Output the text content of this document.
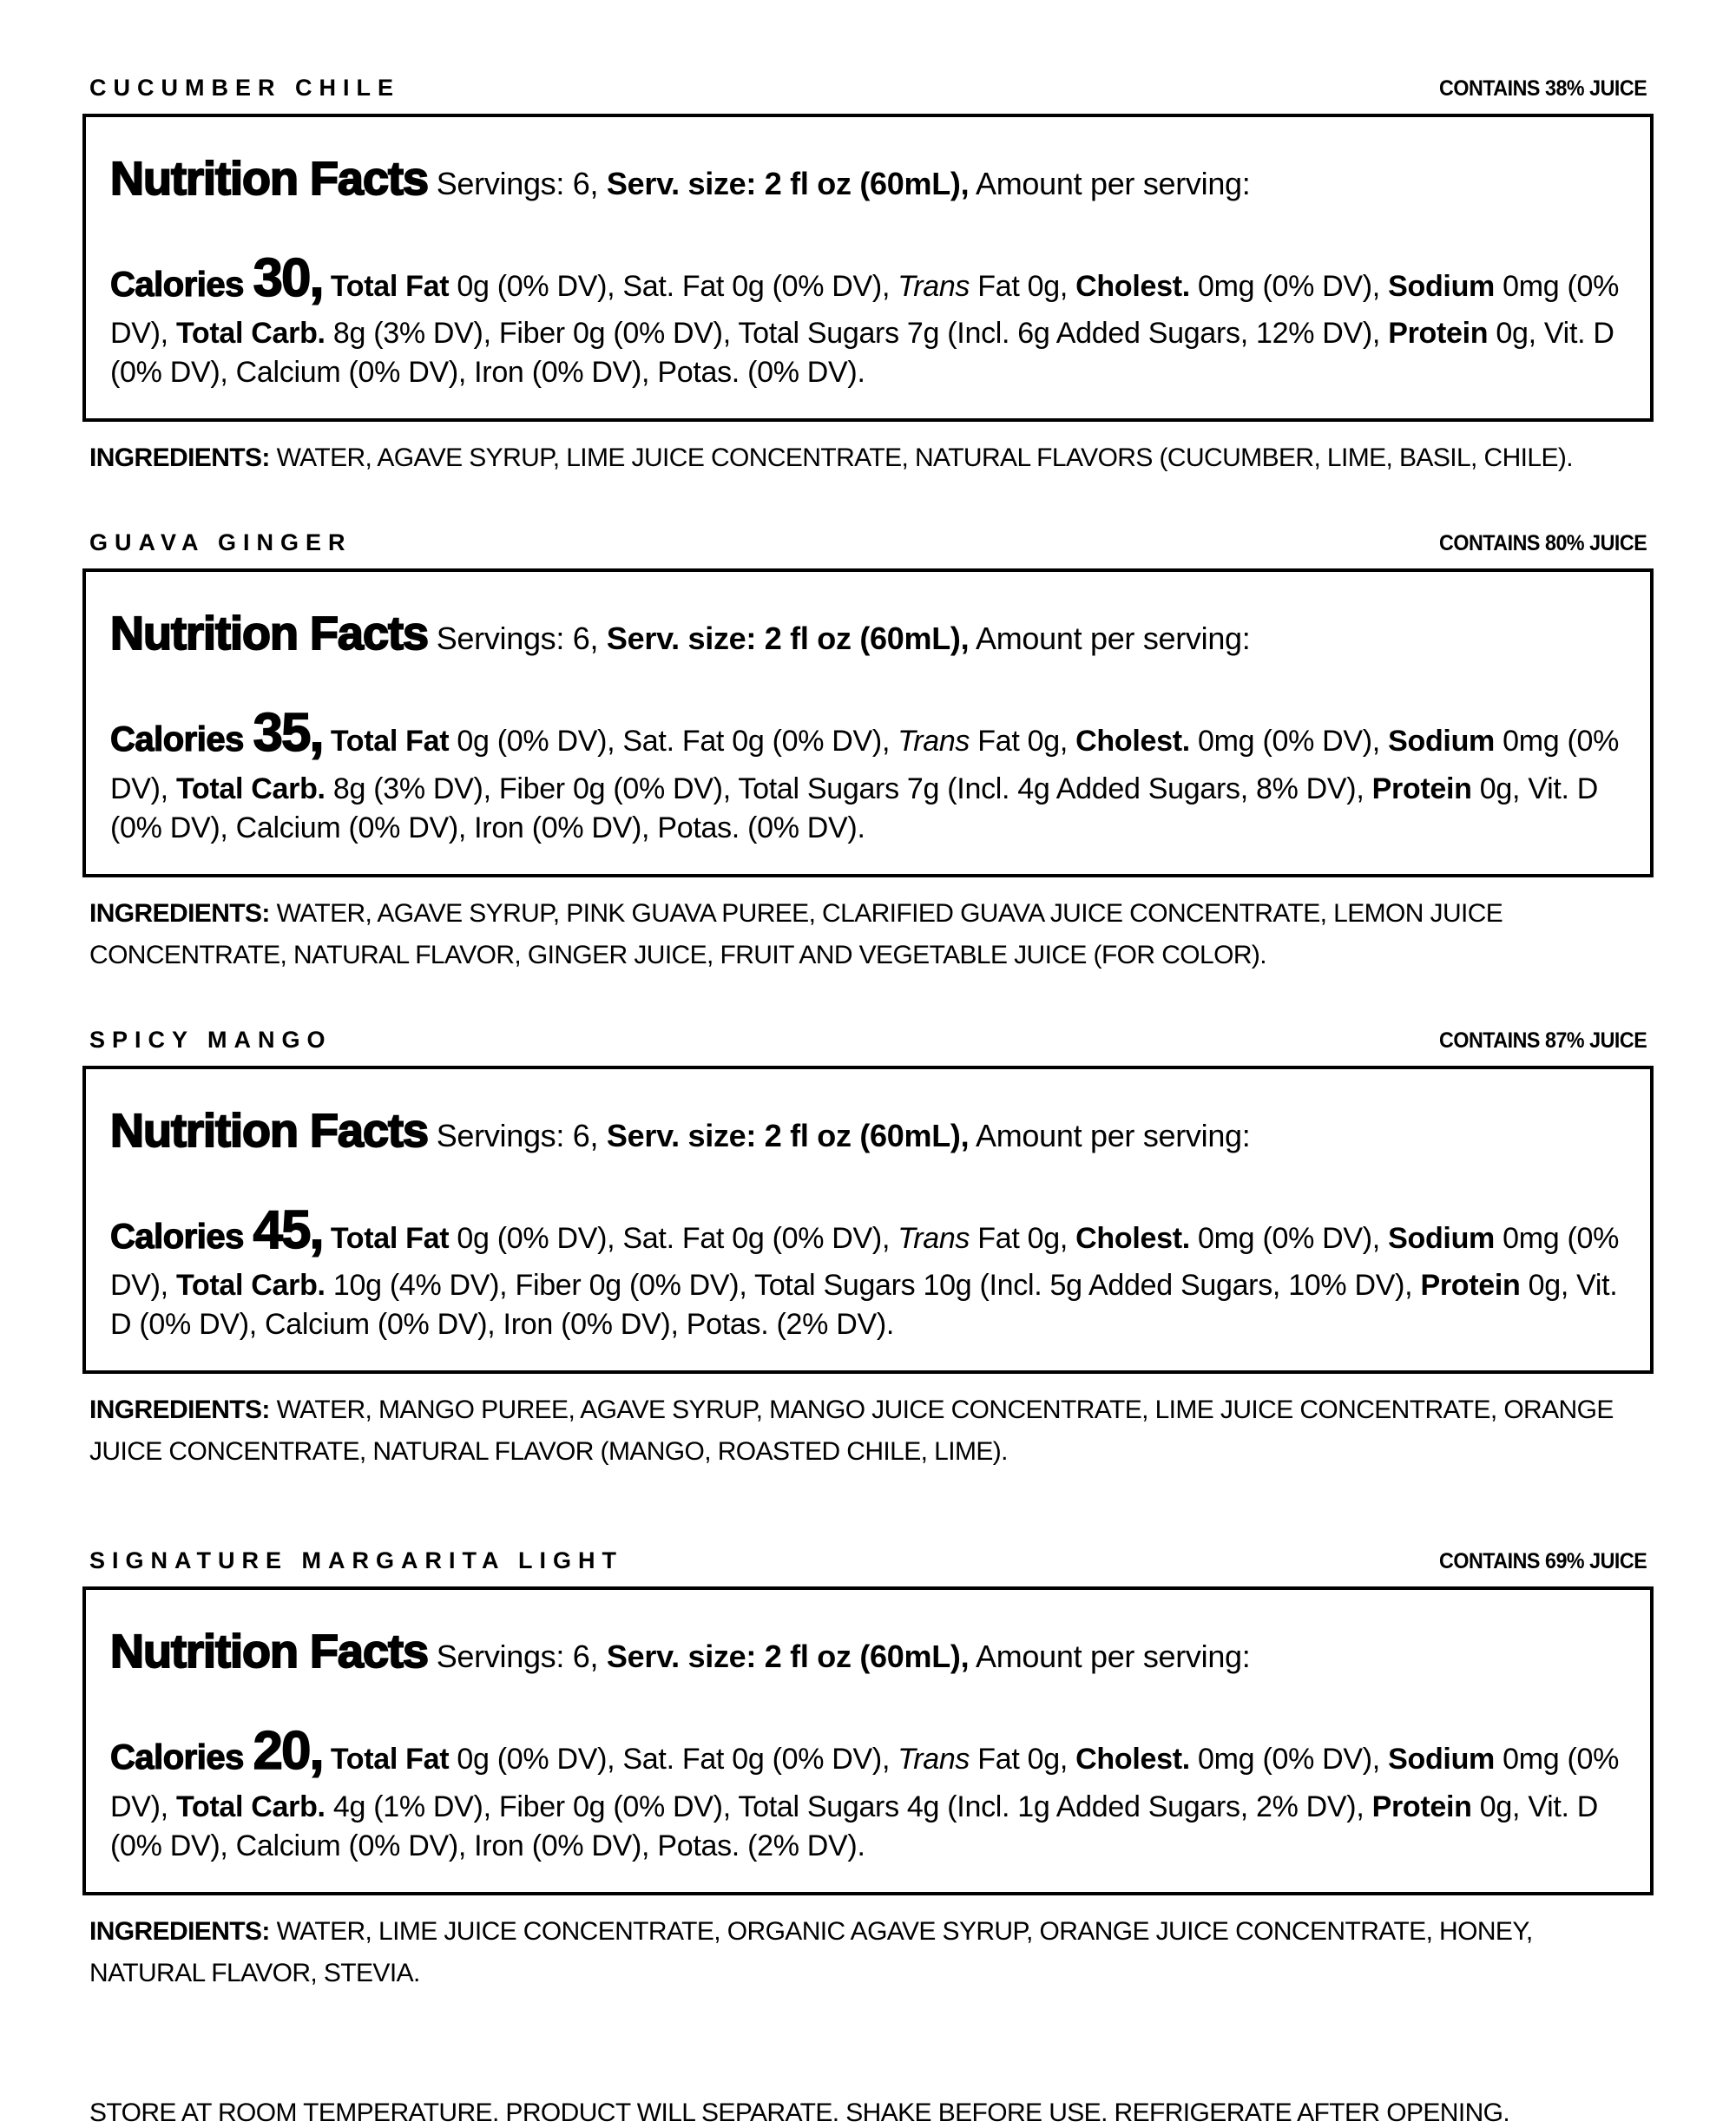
CUCUMBER CHILE	CONTAINS 38% JUICE

Nutrition Facts Servings: 6, Serv. size: 2 fl oz (60mL), Amount per serving:

Calories 30, Total Fat 0g (0% DV), Sat. Fat 0g (0% DV), Trans Fat 0g, Cholest. 0mg (0% DV), Sodium 0mg (0% DV), Total Carb. 8g (3% DV), Fiber 0g (0% DV), Total Sugars 7g (Incl. 6g Added Sugars, 12% DV), Protein 0g, Vit. D (0% DV), Calcium (0% DV), Iron (0% DV), Potas. (0% DV).

INGREDIENTS: WATER, AGAVE SYRUP, LIME JUICE CONCENTRATE, NATURAL FLAVORS (CUCUMBER, LIME, BASIL, CHILE).

GUAVA GINGER	CONTAINS 80% JUICE

Nutrition Facts Servings: 6, Serv. size: 2 fl oz (60mL), Amount per serving:

Calories 35, Total Fat 0g (0% DV), Sat. Fat 0g (0% DV), Trans Fat 0g, Cholest. 0mg (0% DV), Sodium 0mg (0% DV), Total Carb. 8g (3% DV), Fiber 0g (0% DV), Total Sugars 7g (Incl. 4g Added Sugars, 8% DV), Protein 0g, Vit. D (0% DV), Calcium (0% DV), Iron (0% DV), Potas. (0% DV).

INGREDIENTS: WATER, AGAVE SYRUP, PINK GUAVA PUREE, CLARIFIED GUAVA JUICE CONCENTRATE, LEMON JUICE CONCENTRATE, NATURAL FLAVOR, GINGER JUICE, FRUIT AND VEGETABLE JUICE (FOR COLOR).

SPICY MANGO	CONTAINS 87% JUICE

Nutrition Facts Servings: 6, Serv. size: 2 fl oz (60mL), Amount per serving:

Calories 45, Total Fat 0g (0% DV), Sat. Fat 0g (0% DV), Trans Fat 0g, Cholest. 0mg (0% DV), Sodium 0mg (0% DV), Total Carb. 10g (4% DV), Fiber 0g (0% DV), Total Sugars 10g (Incl. 5g Added Sugars, 10% DV), Protein 0g, Vit. D (0% DV), Calcium (0% DV), Iron (0% DV), Potas. (2% DV).

INGREDIENTS: WATER, MANGO PUREE, AGAVE SYRUP, MANGO JUICE CONCENTRATE, LIME JUICE CONCENTRATE, ORANGE JUICE CONCENTRATE, NATURAL FLAVOR (MANGO, ROASTED CHILE, LIME).

SIGNATURE MARGARITA LIGHT	CONTAINS 69% JUICE

Nutrition Facts Servings: 6, Serv. size: 2 fl oz (60mL), Amount per serving:

Calories 20, Total Fat 0g (0% DV), Sat. Fat 0g (0% DV), Trans Fat 0g, Cholest. 0mg (0% DV), Sodium 0mg (0% DV), Total Carb. 4g (1% DV), Fiber 0g (0% DV), Total Sugars 4g (Incl. 1g Added Sugars, 2% DV), Protein 0g, Vit. D (0% DV), Calcium (0% DV), Iron (0% DV), Potas. (2% DV).

INGREDIENTS: WATER, LIME JUICE CONCENTRATE, ORGANIC AGAVE SYRUP, ORANGE JUICE CONCENTRATE, HONEY, NATURAL FLAVOR, STEVIA.

STORE AT ROOM TEMPERATURE. PRODUCT WILL SEPARATE. SHAKE BEFORE USE. REFRIGERATE AFTER OPENING.
